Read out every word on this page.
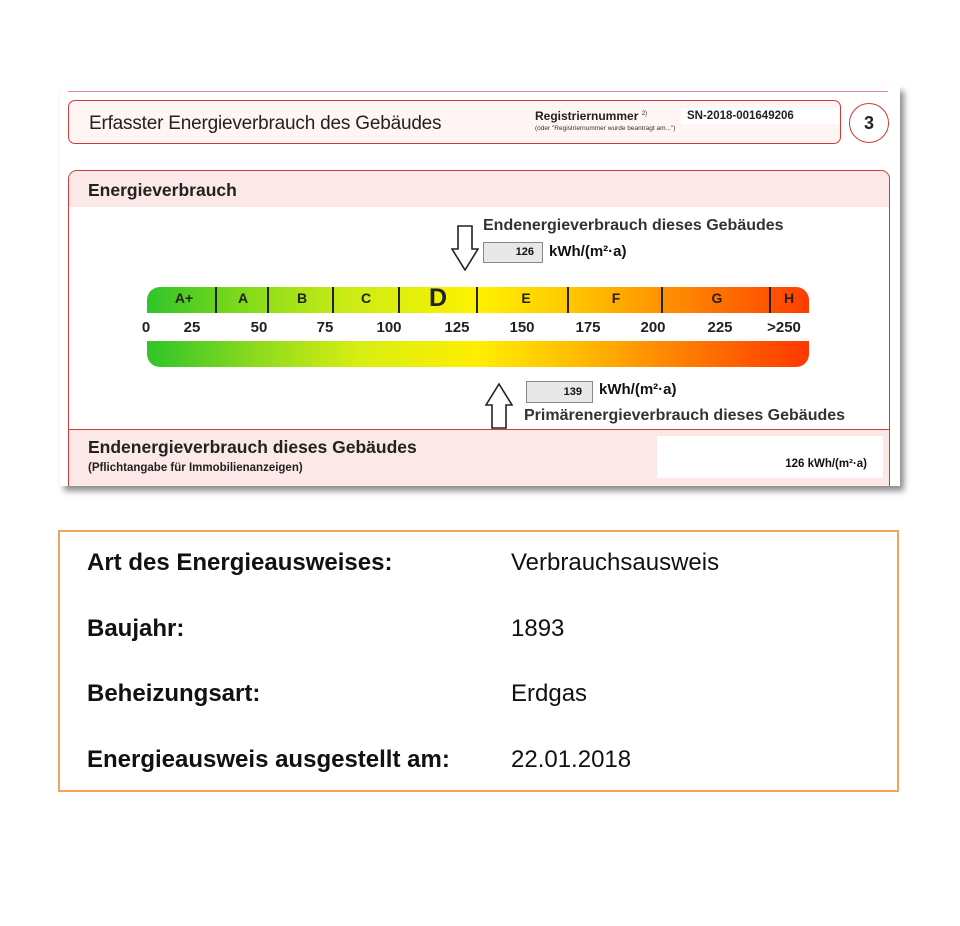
Erfasster Energieverbrauch des Gebäudes	Registriernummer $^{2)}$
(oder "Registriernummer wurde beantragt am...")
SN-2018-001649206	3
Energieverbrauch
Endenergieverbrauch dieses Gebäudes
126	kWh/(m²·a)
A+	A	B	C D	E	F	G	H
0 25	50	75	100	125	150	175	200	225 >250
139	kWh/(m²·a)
Primärenergieverbrauch dieses Gebäudes
Endenergieverbrauch dieses Gebäudes
(Pflichtangabe für Immobilienanzeigen)	126 kWh/(m²·a)
Art des Energieausweises:	Verbrauchsausweis
Baujahr:	1893
Beheizungsart:	Erdgas
Energieausweis ausgestellt am:	22.01.2018
